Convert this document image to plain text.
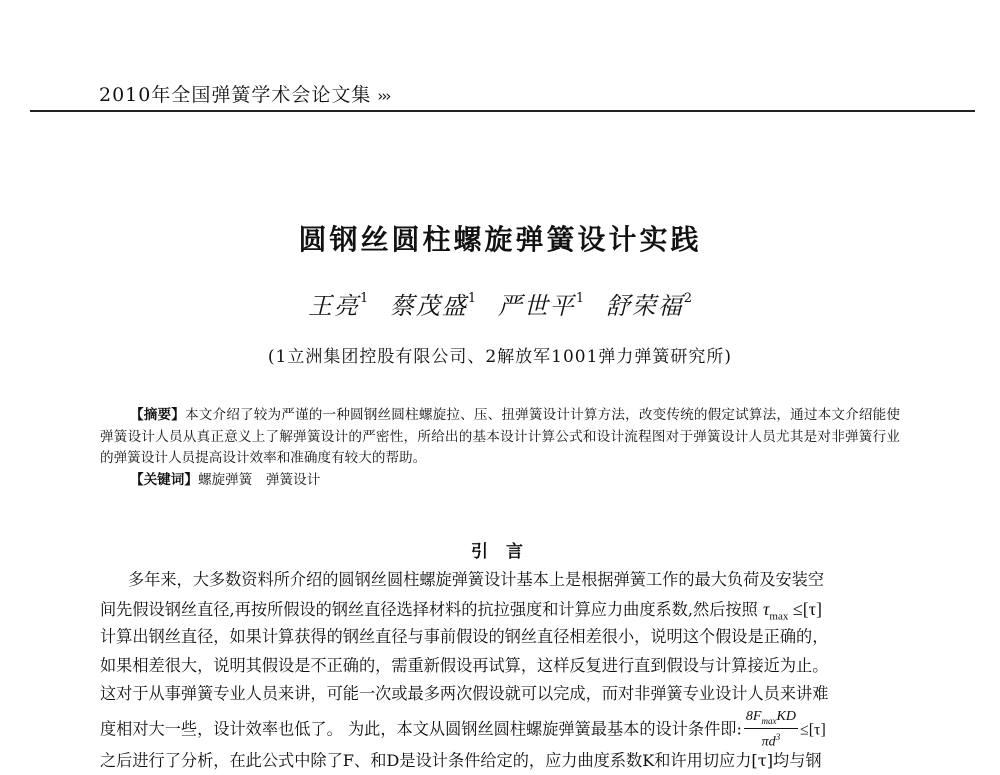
2010年全国弹簧学术会论文集 ›››
圆钢丝圆柱螺旋弹簧设计实践
王亮$^1$ 蔡茂盛$^1$ 严世平$^1$ 舒荣福$^2$
(1立洲集团控股有限公司、2解放军1001弹力弹簧研究所)

【摘要】本文介绍了较为严谨的一种圆钢丝圆柱螺旋拉、压、扭弹簧设计计算方法，改变传统的假定试算法，通过本文介绍能使弹簧设计人员从真正意义上了解弹簧设计的严密性，所给出的基本设计计算公式和设计流程图对于弹簧设计人员尤其是对非弹簧行业的弹簧设计人员提高设计效率和准确度有较大的帮助。

【关键词】螺旋弹簧　弹簧设计

引 言
多年来，大多数资料所介绍的圆钢丝圆柱螺旋弹簧设计基本上是根据弹簧工作的最大负荷及安装空
间先假设钢丝直径,再按所假设的钢丝直径选择材料的抗拉强度和计算应力曲度系数,然后按照 $\tau_{max} \le[\tau]$
计算出钢丝直径，如果计算获得的钢丝直径与事前假设的钢丝直径相差很小，说明这个假设是正确的，
如果相差很大，说明其假设是不正确的，需重新假设再试算，这样反复进行直到假设与计算接近为止。
这对于从事弹簧专业人员来讲，可能一次或最多两次假设就可以完成，而对非弹簧专业设计人员来讲难
度相对大一些，设计效率也低了。 为此，本文从圆钢丝圆柱螺旋弹簧最基本的设计条件即: $\frac{8F_{max}KD}{\pi d^3} \le[\tau]$
之后进行了分析，在此公式中除了F、和D是设计条件给定的，应力曲度系数K和许用切应力[τ]均与钢
